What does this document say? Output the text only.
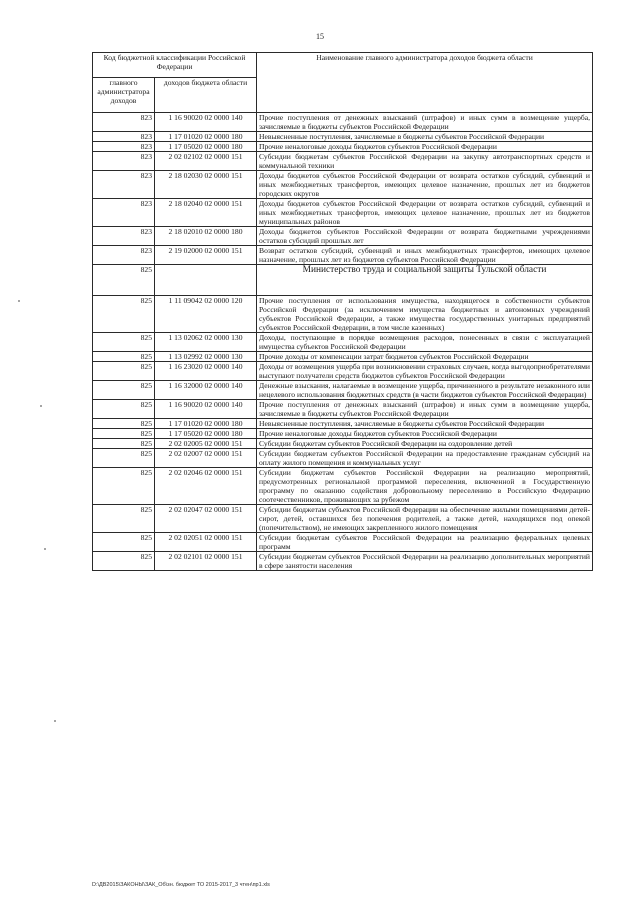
15
Код бюджетной классификации Российской Федерации		Наименование главного администратора доходов бюджета области
главного администратора доходов	доходов бюджета области	
823	1 16 90020 02 0000 140	Прочие поступления от денежных взысканий (штрафов) и иных сумм в возмещение ущерба, зачисляемые в бюджеты субъектов Российской Федерации
823	1 17 01020 02 0000 180	Невыясненные поступления, зачисляемые в бюджеты субъектов Российской Федерации
823	1 17 05020 02 0000 180	Прочие неналоговые доходы бюджетов субъектов Российской Федерации
823	2 02 02102 02 0000 151	Субсидии бюджетам субъектов Российской Федерации на закупку автотранспортных средств и коммунальной техники
823	2 18 02030 02 0000 151	Доходы бюджетов субъектов Российской Федерации от возврата остатков субсидий, субвенций и иных межбюджетных трансфертов, имеющих целевое назначение, прошлых лет из бюджетов городских округов
823	2 18 02040 02 0000 151	Доходы бюджетов субъектов Российской Федерации от возврата остатков субсидий, субвенций и иных межбюджетных трансфертов, имеющих целевое назначение, прошлых лет из бюджетов муниципальных районов
823	2 18 02010 02 0000 180	Доходы бюджетов субъектов Российской Федерации от возврата бюджетными учреждениями остатков субсидий прошлых лет
823	2 19 02000 02 0000 151	Возврат остатков субсидий, субвенций и иных межбюджетных трансфертов, имеющих целевое назначение, прошлых лет из бюджетов субъектов Российской Федерации
825		Министерство труда и социальной защиты Тульской области
825	1 11 09042 02 0000 120	Прочие поступления от использования имущества, находящегося в собственности субъектов Российской Федерации (за исключением имущества бюджетных и автономных учреждений субъектов Российской Федерации, а также имущества государственных унитарных предприятий субъектов Российской Федерации, в том числе казенных)
825	1 13 02062 02 0000 130	Доходы, поступающие в порядке возмещения расходов, понесенных в связи с эксплуатацией имущества субъектов Российской Федерации
825	1 13 02992 02 0000 130	Прочие доходы от компенсации затрат бюджетов субъектов Российской Федерации
825	1 16 23020 02 0000 140	Доходы от возмещения ущерба при возникновении страховых случаев, когда выгодоприобретателями выступают получатели средств бюджетов субъектов Российской Федерации
825	1 16 32000 02 0000 140	Денежные взыскания, налагаемые в возмещение ущерба, причиненного в результате незаконного или нецелевого использования бюджетных средств (в части бюджетов субъектов Российской Федерации)
825	1 16 90020 02 0000 140	Прочие поступления от денежных взысканий (штрафов) и иных сумм в возмещение ущерба, зачисляемые в бюджеты субъектов Российской Федерации
825	1 17 01020 02 0000 180	Невыясненные поступления, зачисляемые в бюджеты субъектов Российской Федерации
825	1 17 05020 02 0000 180	Прочие неналоговые доходы бюджетов субъектов Российской Федерации
825	2 02 02005 02 0000 151	Субсидии бюджетам субъектов Российской Федерации на оздоровление детей
825	2 02 02007 02 0000 151	Субсидии бюджетам субъектов Российской Федерации на предоставление гражданам субсидий на оплату жилого помещения и коммунальных услуг
825	2 02 02046 02 0000 151	Субсидии бюджетам субъектов Российской Федерации на реализацию мероприятий, предусмотренных региональной программой переселения, включенной в Государственную программу по оказанию содействия добровольному переселению в Российскую Федерацию соотечественников, проживающих за рубежом
825	2 02 02047 02 0000 151	Субсидии бюджетам субъектов Российской Федерации на обеспечение жилыми помещениями детей-сирот, детей, оставшихся без попечения родителей, а также детей, находящихся под опекой (попечительством), не имеющих закрепленного жилого помещения
825	2 02 02051 02 0000 151	Субсидии бюджетам субъектов Российской Федерации на реализацию федеральных целевых программ
825	2 02 02101 02 0000 151	Субсидии бюджетам субъектов Российской Федерации на реализацию дополнительных мероприятий в сфере занятости населения
D:\ДВ2015\ЗАКОНЫ\ЗАК_Об\зн. бюджет ТО 2015-2017_3 чтен\пр1.xls
